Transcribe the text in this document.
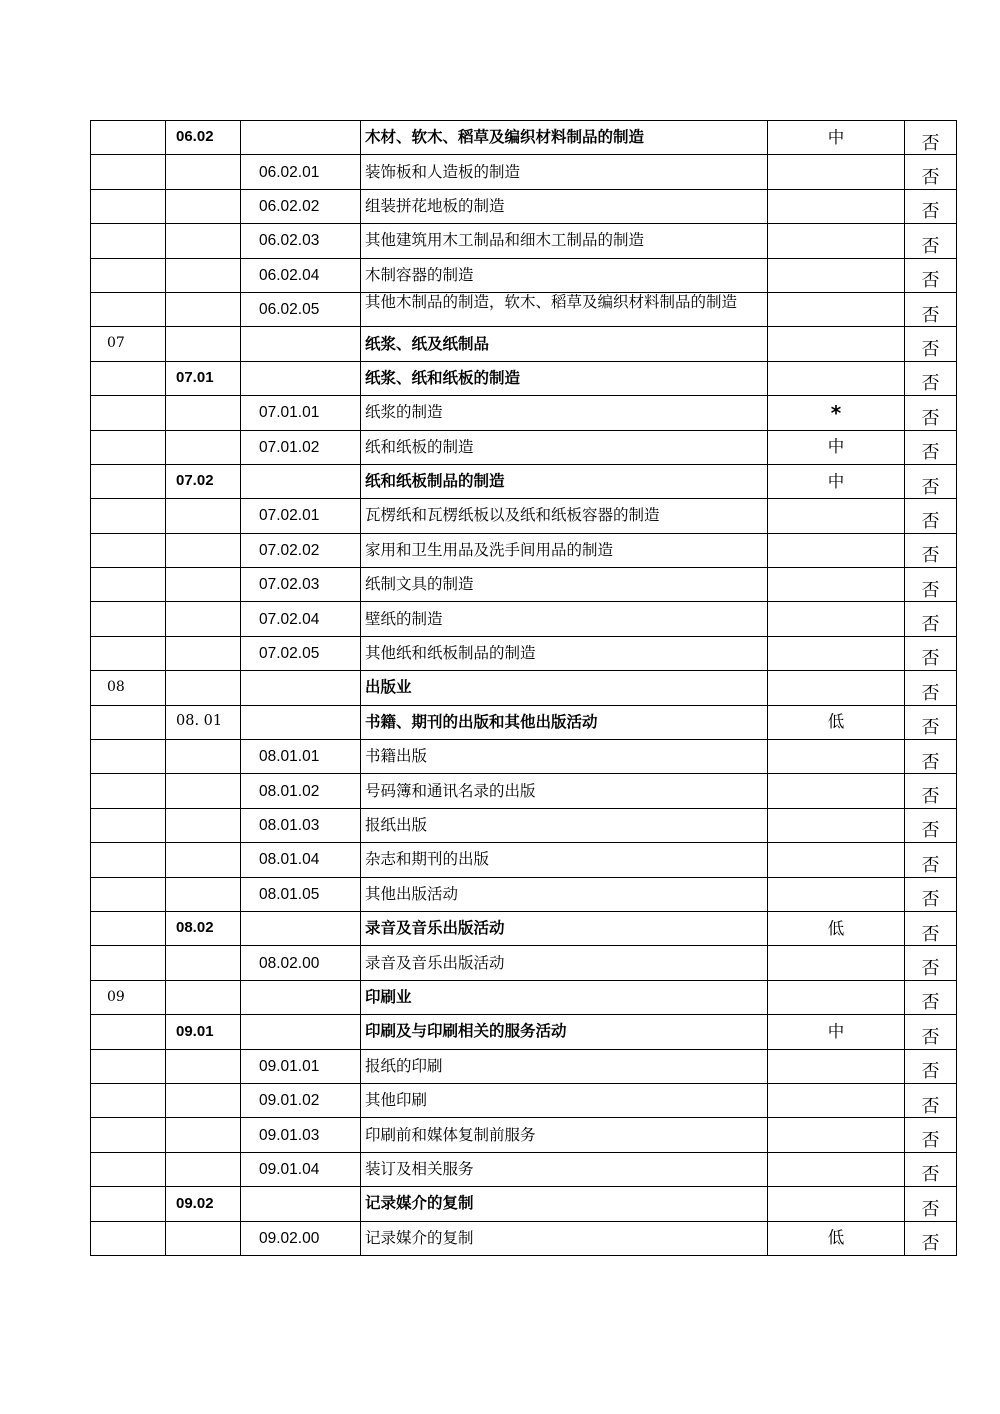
	06.02		木材、软木、稻草及编织材料制品的制造	中	否
		06.02.01	装饰板和人造板的制造		否
		06.02.02	组装拼花地板的制造		否
		06.02.03	其他建筑用木工制品和细木工制品的制造		否
		06.02.04	木制容器的制造		否
		06.02.05	其他木制品的制造，软木、稻草及编织材料制品的制造		否
07			纸浆、纸及纸制品		否
	07.01		纸浆、纸和纸板的制造		否
		07.01.01	纸浆的制造	*	否
		07.01.02	纸和纸板的制造	中	否
	07.02		纸和纸板制品的制造	中	否
		07.02.01	瓦楞纸和瓦楞纸板以及纸和纸板容器的制造		否
		07.02.02	家用和卫生用品及洗手间用品的制造		否
		07.02.03	纸制文具的制造		否
		07.02.04	壁纸的制造		否
		07.02.05	其他纸和纸板制品的制造		否
08			出版业		否
	08. 01		书籍、期刊的出版和其他出版活动	低	否
		08.01.01	书籍出版		否
		08.01.02	号码簿和通讯名录的出版		否
		08.01.03	报纸出版		否
		08.01.04	杂志和期刊的出版		否
		08.01.05	其他出版活动		否
	08.02		录音及音乐出版活动	低	否
		08.02.00	录音及音乐出版活动		否
09			印刷业		否
	09.01		印刷及与印刷相关的服务活动	中	否
		09.01.01	报纸的印刷		否
		09.01.02	其他印刷		否
		09.01.03	印刷前和媒体复制前服务		否
		09.01.04	装订及相关服务		否
	09.02		记录媒介的复制		否
		09.02.00	记录媒介的复制	低	否
